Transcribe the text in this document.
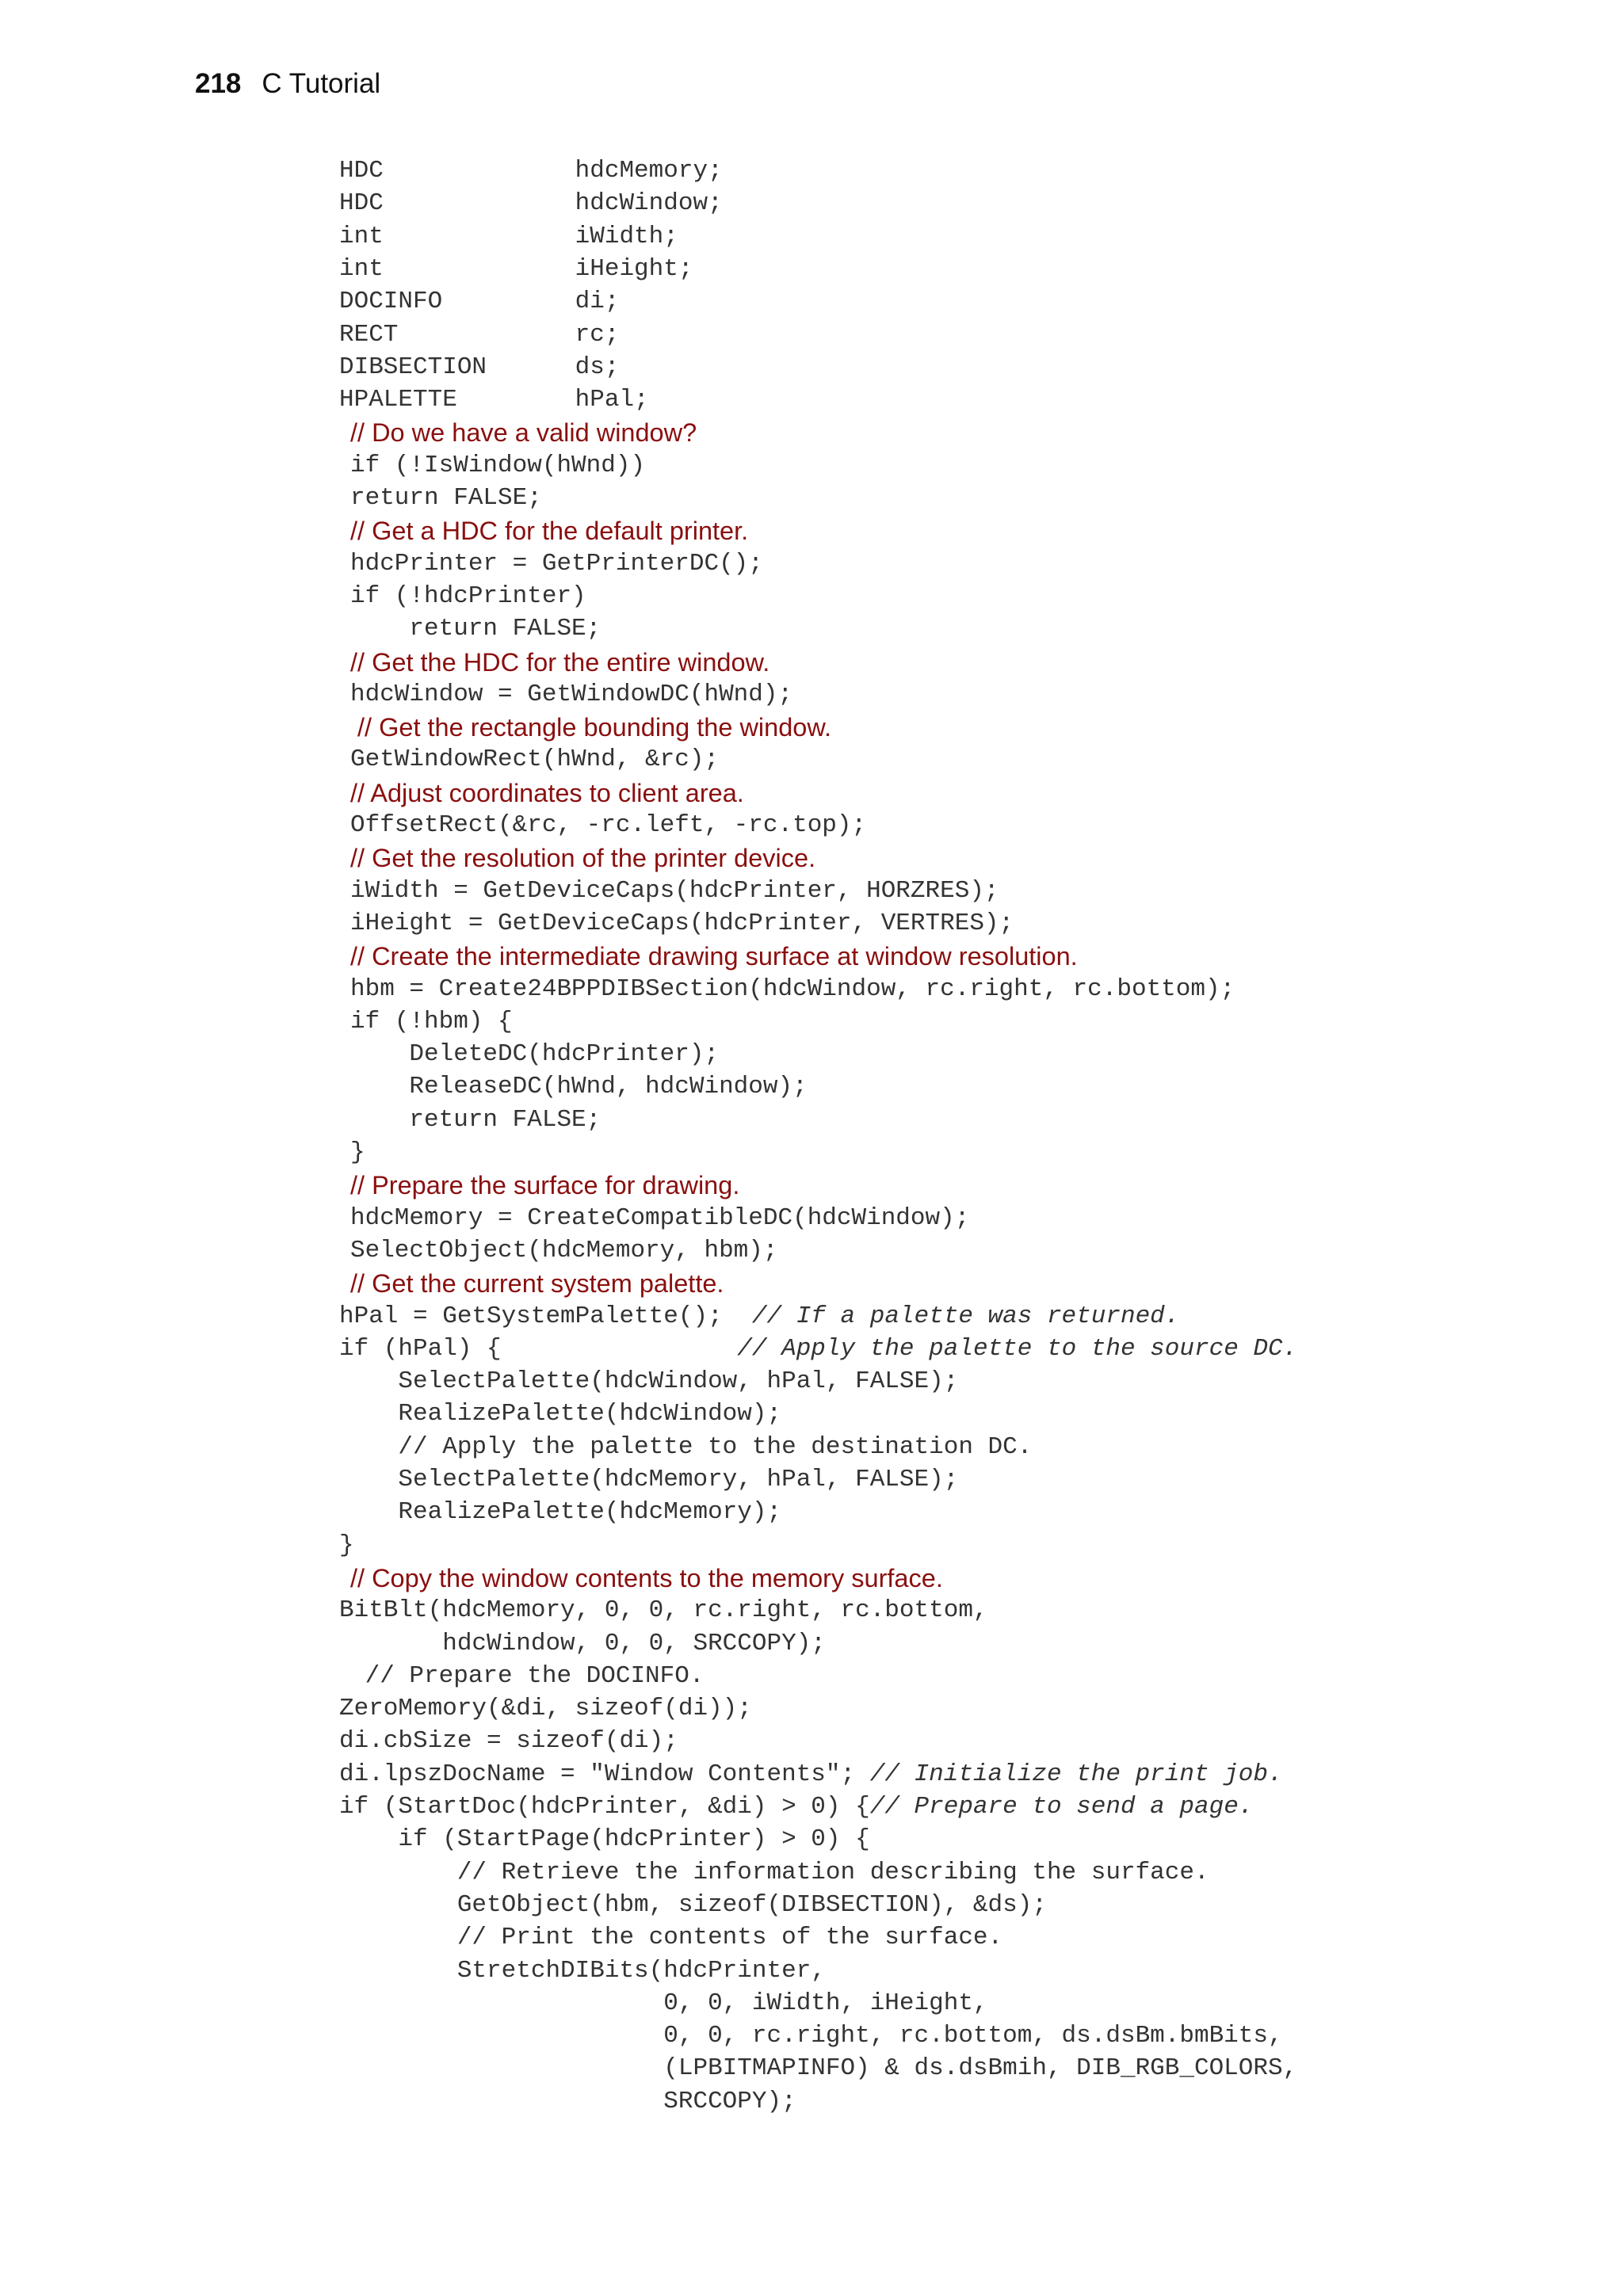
218 C Tutorial
HDC             hdcMemory;
HDC             hdcWindow;
int             iWidth;
int             iHeight;
DOCINFO         di;
RECT            rc;
DIBSECTION      ds;
HPALETTE        hPal;
// Do we have a valid window?
if (!IsWindow(hWnd))
return FALSE;
// Get a HDC for the default printer.
hdcPrinter = GetPrinterDC();
if (!hdcPrinter)
return FALSE;
// Get the HDC for the entire window.
hdcWindow = GetWindowDC(hWnd);
// Get the rectangle bounding the window.
GetWindowRect(hWnd, &rc);
// Adjust coordinates to client area.
OffsetRect(&rc, -rc.left, -rc.top);
// Get the resolution of the printer device.
iWidth = GetDeviceCaps(hdcPrinter, HORZRES);
iHeight = GetDeviceCaps(hdcPrinter, VERTRES);
// Create the intermediate drawing surface at window resolution.
hbm = Create24BPPDIBSection(hdcWindow, rc.right, rc.bottom);
if (!hbm) {
DeleteDC(hdcPrinter);
ReleaseDC(hWnd, hdcWindow);
return FALSE;
}
// Prepare the surface for drawing.
hdcMemory = CreateCompatibleDC(hdcWindow);
SelectObject(hdcMemory, hbm);
// Get the current system palette.
hPal = GetSystemPalette();  // If a palette was returned.
if (hPal) {                // Apply the palette to the source DC.
SelectPalette(hdcWindow, hPal, FALSE);
RealizePalette(hdcWindow);
// Apply the palette to the destination DC.
SelectPalette(hdcMemory, hPal, FALSE);
RealizePalette(hdcMemory);
}
// Copy the window contents to the memory surface.
BitBlt(hdcMemory, 0, 0, rc.right, rc.bottom,
hdcWindow, 0, 0, SRCCOPY);
// Prepare the DOCINFO.
ZeroMemory(&di, sizeof(di));
di.cbSize = sizeof(di);
di.lpszDocName = "Window Contents"; // Initialize the print job.
if (StartDoc(hdcPrinter, &di) > 0) {// Prepare to send a page.
if (StartPage(hdcPrinter) > 0) {
// Retrieve the information describing the surface.
GetObject(hbm, sizeof(DIBSECTION), &ds);
// Print the contents of the surface.
StretchDIBits(hdcPrinter,
0, 0, iWidth, iHeight,
0, 0, rc.right, rc.bottom, ds.dsBm.bmBits,
(LPBITMAPINFO) & ds.dsBmih, DIB_RGB_COLORS,
SRCCOPY);
